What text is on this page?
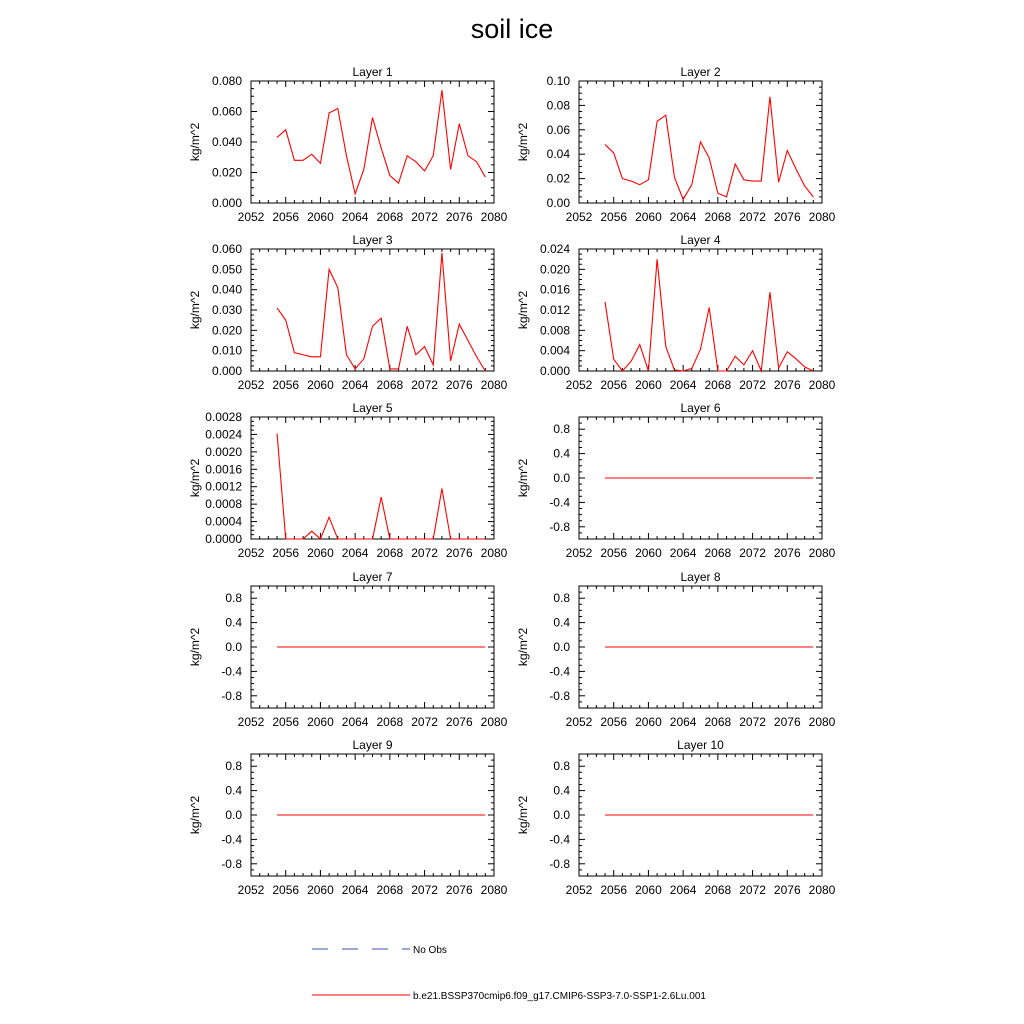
soil ice
2052 2056 2060 2064 2068 2072 2076 2080
0.000
0.020
0.040
0.060
0.080
Layer 1
kg/m^2
2052 2056 2060 2064 2068 2072 2076 2080
0.00
0.02
0.04
0.06
0.08
0.10
Layer 2
kg/m^2
2052 2056 2060 2064 2068 2072 2076 2080
0.000
0.010
0.020
0.030
0.040
0.050
0.060
Layer 3
kg/m^2
2052 2056 2060 2064 2068 2072 2076 2080
0.000
0.004
0.008
0.012
0.016
0.020
0.024
Layer 4
kg/m^2
2052 2056 2060 2064 2068 2072 2076 2080
0.0000
0.0004
0.0008
0.0012
0.0016
0.0020
0.0024
0.0028
Layer 5
kg/m^2
2052 2056 2060 2064 2068 2072 2076 2080
-0.8
-0.4
0.0
0.4
0.8
Layer 6
kg/m^2
2052 2056 2060 2064 2068 2072 2076 2080
-0.8
-0.4
0.0
0.4
0.8
Layer 7
kg/m^2
2052 2056 2060 2064 2068 2072 2076 2080
-0.8
-0.4
0.0
0.4
0.8
Layer 8
kg/m^2
2052 2056 2060 2064 2068 2072 2076 2080
-0.8
-0.4
0.0
0.4
0.8
Layer 9
kg/m^2
2052 2056 2060 2064 2068 2072 2076 2080
-0.8
-0.4
0.0
0.4
0.8
Layer 10
kg/m^2
No Obs
b.e21.BSSP370cmip6.f09_g17.CMIP6-SSP3-7.0-SSP1-2.6Lu.001
